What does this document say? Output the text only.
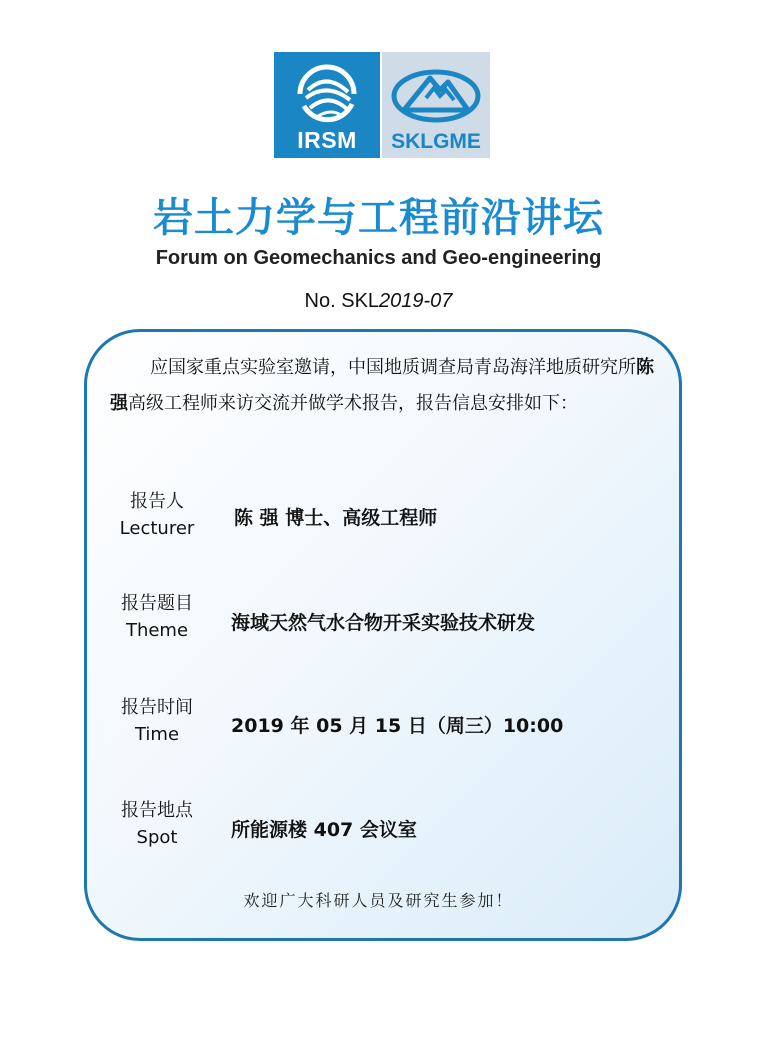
IRSM	SKLGME
岩土力学与工程前沿讲坛
Forum on Geomechanics and Geo-engineering
No. SKL2019-07

应国家重点实验室邀请，中国地质调查局青岛海洋地质研究所陈强高级工程师来访交流并做学术报告，报告信息安排如下：

报告人
Lecturer	陈 强 博士、高级工程师
报告题目
Theme	海域天然气水合物开采实验技术研发
报告时间
Time	2019 年 05 月 15 日（周三）10:00
报告地点
Spot	所能源楼 407 会议室
欢迎广大科研人员及研究生参加！
